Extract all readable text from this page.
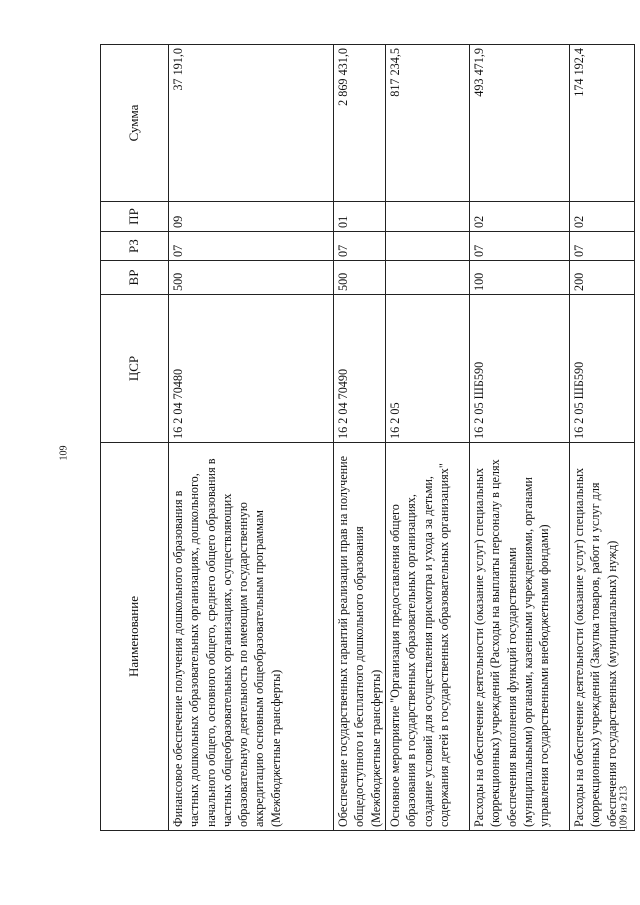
109
109 из 213
Наименование	ЦСР	ВР	РЗ	ПР	Сумма
Финансовое обеспечение получения дошкольного образования в частных дошкольных образовательных организациях, дошкольного, начального общего, основного общего, среднего общего образования в частных общеобразовательных организациях, осуществляющих образовательную деятельность по имеющим государственную аккредитацию основным общеобразовательным программам (Межбюджетные трансферты)	16 2 04 70480	500	07	09	37 191,0
Обеспечение государственных гарантий реализации прав на получение общедоступного и бесплатного дошкольного образования (Межбюджетные трансферты)	16 2 04 70490	500	07	01	2 869 431,0
Основное мероприятие "Организация предоставления общего образования в государственных образовательных организациях, создание условий для осуществления присмотра и ухода за детьми, содержания детей в государственных образовательных организациях"	16 2 05				817 234,5
Расходы на обеспечение деятельности (оказание услуг) специальных (коррекционных) учреждений (Расходы на выплаты персоналу в целях обеспечения выполнения функций государственными (муниципальными) органами, казенными учреждениями, органами управления государственными внебюджетными фондами)	16 2 05 ШБ590	100	07	02	493 471,9
Расходы на обеспечение деятельности (оказание услуг) специальных (коррекционных) учреждений (Закупка товаров, работ и услуг для обеспечения государственных (муниципальных) нужд)	16 2 05 ШБ590	200	07	02	174 192,4
